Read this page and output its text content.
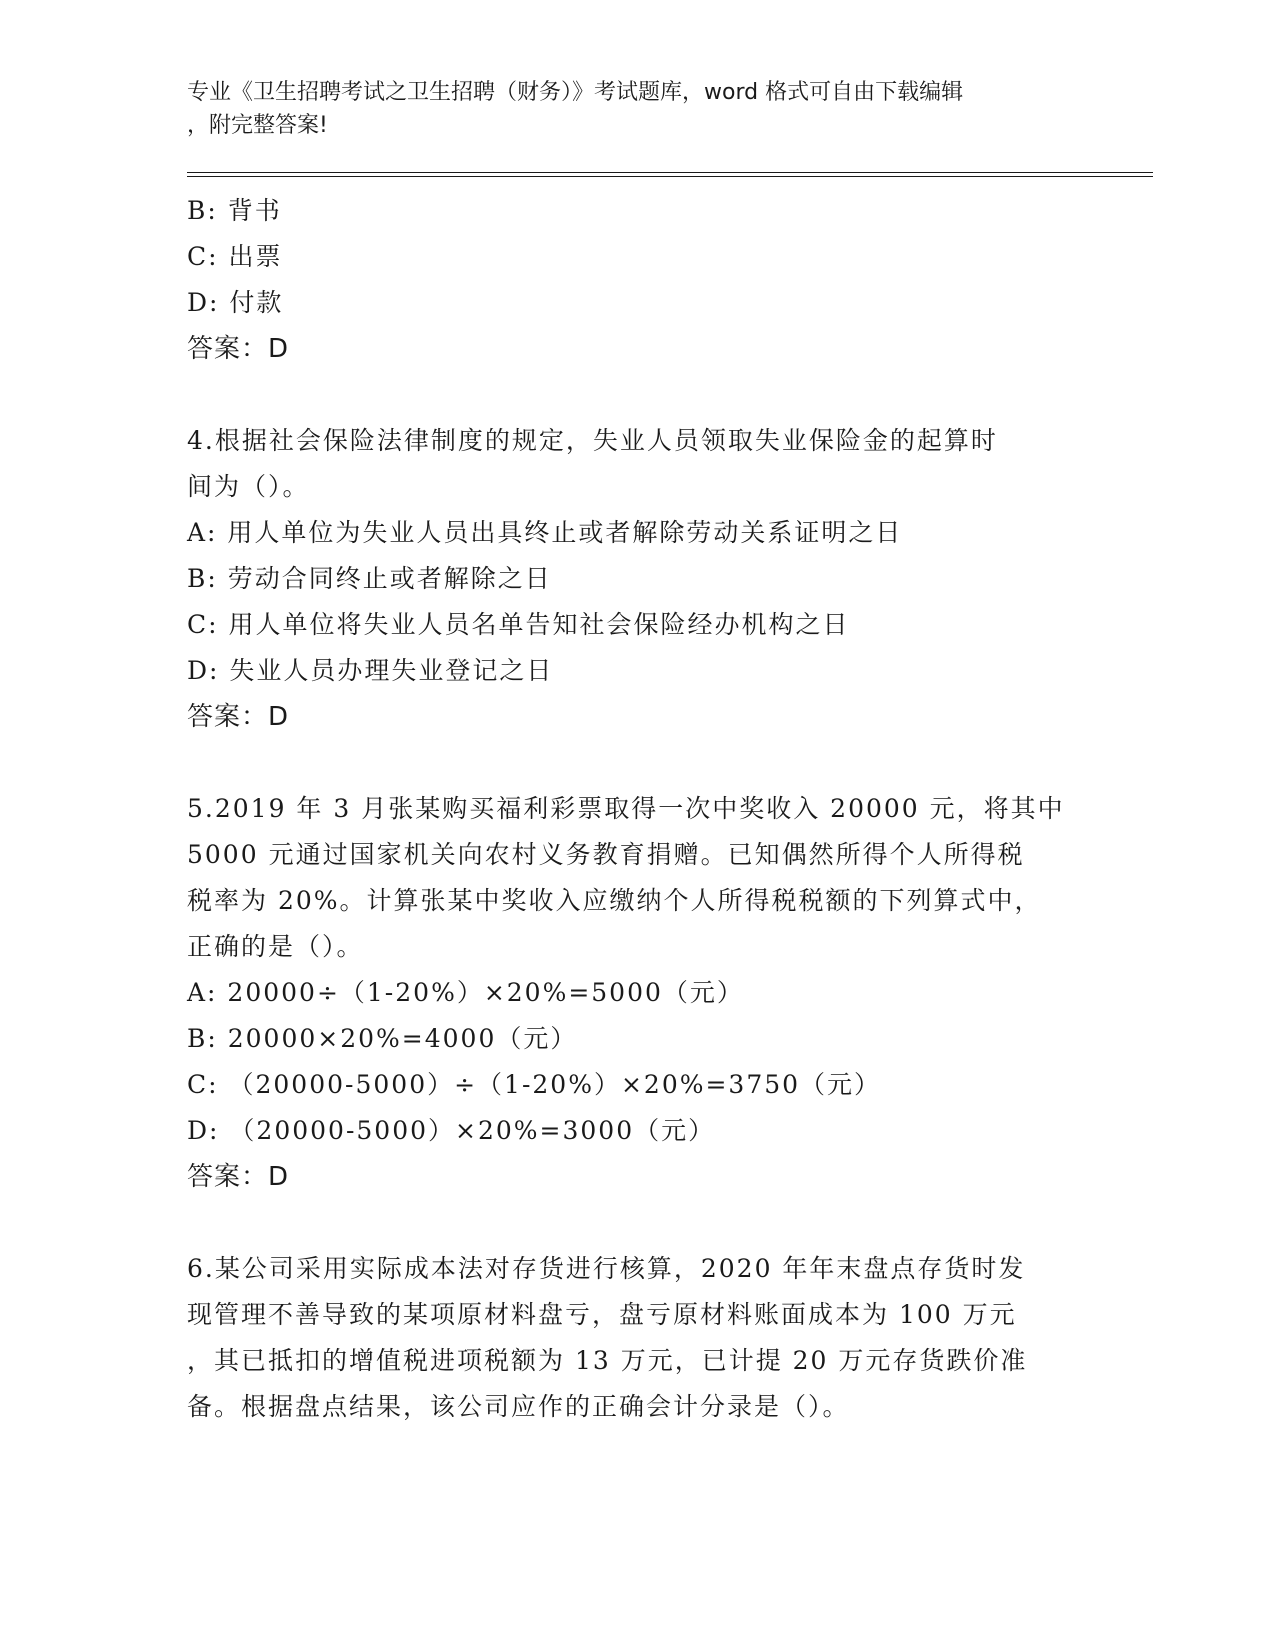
专业《卫生招聘考试之卫生招聘（财务）》考试题库，word 格式可自由下载编辑
，附完整答案!
B: 背书
C: 出票
D: 付款
答案：D
4.根据社会保险法律制度的规定，失业人员领取失业保险金的起算时
间为（）。
A: 用人单位为失业人员出具终止或者解除劳动关系证明之日
B: 劳动合同终止或者解除之日
C: 用人单位将失业人员名单告知社会保险经办机构之日
D: 失业人员办理失业登记之日
答案：D
5.2019 年 3 月张某购买福利彩票取得一次中奖收入 20000 元，将其中
5000 元通过国家机关向农村义务教育捐赠。已知偶然所得个人所得税
税率为 20%。计算张某中奖收入应缴纳个人所得税税额的下列算式中，
正确的是（）。
A: 20000÷（1-20%）×20%=5000（元）
B: 20000×20%=4000（元）
C: （20000-5000）÷（1-20%）×20%=3750（元）
D: （20000-5000）×20%=3000（元）
答案：D
6.某公司采用实际成本法对存货进行核算，2020 年年末盘点存货时发
现管理不善导致的某项原材料盘亏，盘亏原材料账面成本为 100 万元
，其已抵扣的增值税进项税额为 13 万元，已计提 20 万元存货跌价准
备。根据盘点结果，该公司应作的正确会计分录是（）。
